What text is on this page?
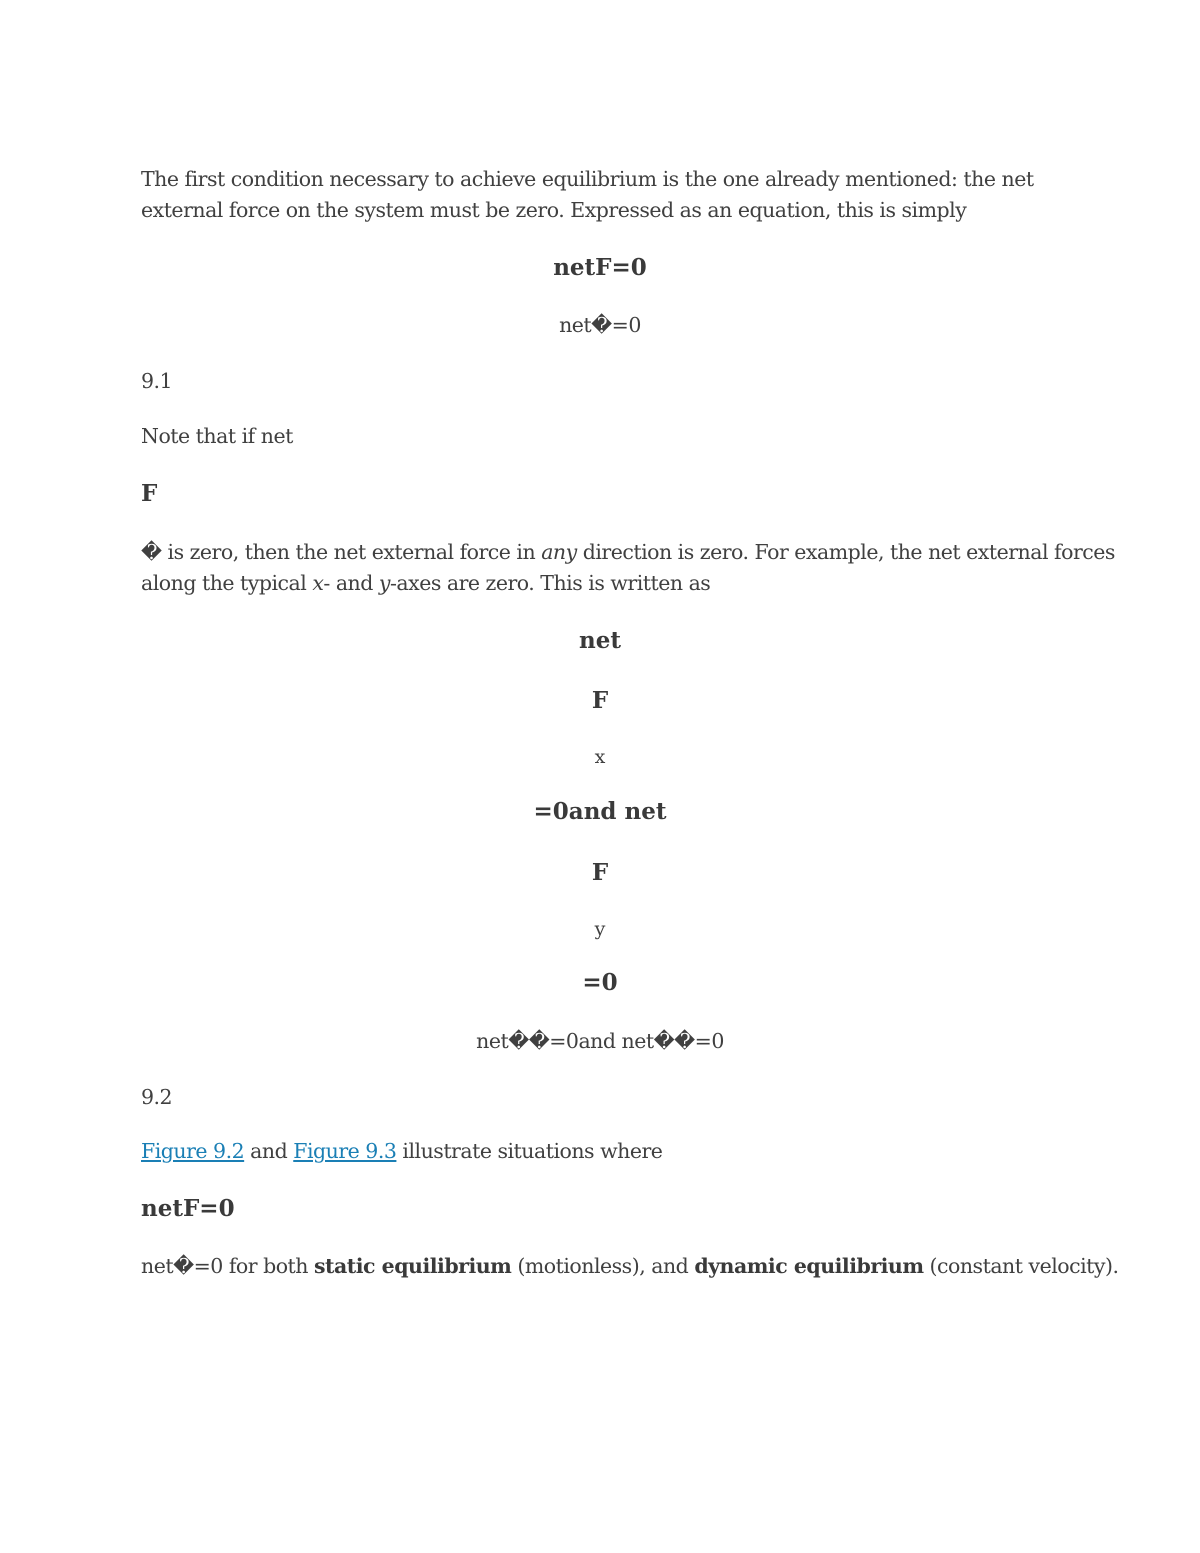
The first condition necessary to achieve equilibrium is the one already mentioned: the net
external force on the system must be zero. Expressed as an equation, this is simply
netF=0
net�=0
9.1
Note that if net
F
� is zero, then the net external force in any direction is zero. For example, the net external forces
along the typical x- and y-axes are zero. This is written as
net
F
x
=0and net
F
y
=0
net��=0and net��=0
9.2
Figure 9.2 and Figure 9.3 illustrate situations where
netF=0
net�=0 for both static equilibrium (motionless), and dynamic equilibrium (constant velocity).
